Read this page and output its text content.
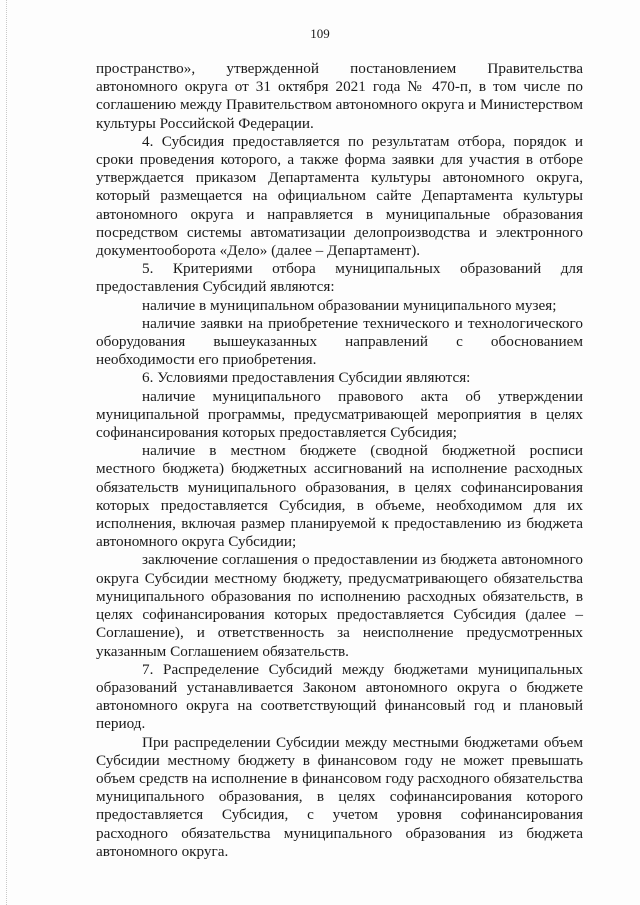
109

пространство», утвержденной постановлением Правительства автономного округа от 31 октября 2021 года № 470-п, в том числе по соглашению между Правительством автономного округа и Министерством культуры Российской Федерации.

4. Субсидия предоставляется по результатам отбора, порядок и сроки проведения которого, а также форма заявки для участия в отборе утверждается приказом Департамента культуры автономного округа, который размещается на официальном сайте Департамента культуры автономного округа и направляется в муниципальные образования посредством системы автоматизации делопроизводства и электронного документооборота «Дело» (далее – Департамент).

5. Критериями отбора муниципальных образований для предоставления Субсидий являются:

наличие в муниципальном образовании муниципального музея;

наличие заявки на приобретение технического и технологического оборудования вышеуказанных направлений с обоснованием необходимости его приобретения.

6. Условиями предоставления Субсидии являются:

наличие муниципального правового акта об утверждении муниципальной программы, предусматривающей мероприятия в целях софинансирования которых предоставляется Субсидия;

наличие в местном бюджете (сводной бюджетной росписи местного бюджета) бюджетных ассигнований на исполнение расходных обязательств муниципального образования, в целях софинансирования которых предоставляется Субсидия, в объеме, необходимом для их исполнения, включая размер планируемой к предоставлению из бюджета автономного округа Субсидии;

заключение соглашения о предоставлении из бюджета автономного округа Субсидии местному бюджету, предусматривающего обязательства муниципального образования по исполнению расходных обязательств, в целях софинансирования которых предоставляется Субсидия (далее – Соглашение), и ответственность за неисполнение предусмотренных указанным Соглашением обязательств.

7. Распределение Субсидий между бюджетами муниципальных образований устанавливается Законом автономного округа о бюджете автономного округа на соответствующий финансовый год и плановый период.

При распределении Субсидии между местными бюджетами объем Субсидии местному бюджету в финансовом году не может превышать объем средств на исполнение в финансовом году расходного обязательства муниципального образования, в целях софинансирования которого предоставляется Субсидия, с учетом уровня софинансирования расходного обязательства муниципального образования из бюджета автономного округа.
